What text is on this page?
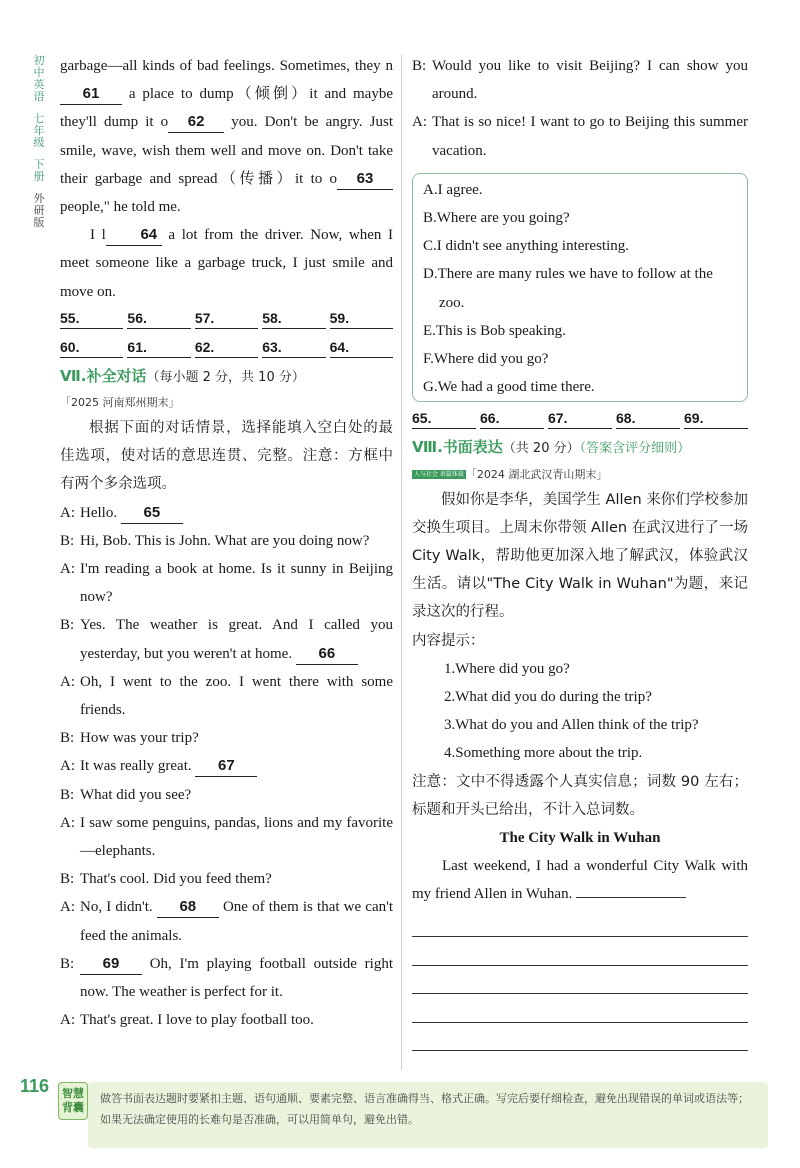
初中英语
七年级
下册
外研版

garbage—all kinds of bad feelings. Sometimes, they n61 a place to dump（倾倒）it and maybe they'll dump it o 62 you. Don't be angry. Just smile, wave, wish them well and move on. Don't take their garbage and spread（传播）it to o 63 people," he told me.

I l 64 a lot from the driver. Now, when I meet someone like a garbage truck, I just smile and move on.

55.	56.	57.	58.	59.
60.	61.	62.	63.	64.
Ⅶ.补全对话（每小题 2 分，共 10 分）
「2025 河南郑州期末」

根据下面的对话情景，选择能填入空白处的最佳选项，使对话的意思连贯、完整。注意：方框中有两个多余选项。

A: Hello. 65
B: Hi, Bob. This is John. What are you doing now?
A: I'm reading a book at home. Is it sunny in Beijing now?
B: Yes. The weather is great. And I called you yesterday, but you weren't at home. 66
A: Oh, I went to the zoo. I went there with some friends.
B: How was your trip?
A: It was really great. 67
B: What did you see?
A: I saw some penguins, pandas, lions and my favorite—elephants.
B: That's cool. Did you feed them?
A: No, I didn't. 68 One of them is that we can't feed the animals.
B:	69 Oh, I'm playing football outside right now. The weather is perfect for it.
A: That's great. I love to play football too.
B: Would you like to visit Beijing? I can show you around.
A: That is so nice! I want to go to Beijing this summer vacation.
A.I agree.
B.Where are you going?
C.I didn't see anything interesting.
D.There are many rules we have to follow at the zoo.
E.This is Bob speaking.
F.Where did you go?
G.We had a good time there.
65.	66.	67.	68.	69.
Ⅷ.书面表达（共 20 分）（答案含评分细则）
人与社会 语篇体裁 「2024 湖北武汉青山期末」

假如你是李华，美国学生 Allen 来你们学校参加交换生项目。上周末你带领 Allen 在武汉进行了一场 City Walk，帮助他更加深入地了解武汉，体验武汉生活。请以"The City Walk in Wuhan"为题，来记录这次的行程。

内容提示：

1.Where did you go?
2.What did you do during the trip?
3.What do you and Allen think of the trip?
4.Something more about the trip.

注意：文中不得透露个人真实信息；词数 90 左右；标题和开头已给出，不计入总词数。

The City Walk in Wuhan

Last weekend, I had a wonderful City Walk with my friend Allen in Wuhan.

116	智慧背囊
做答书面表达题时要紧扣主题、语句通顺、要素完整、语言准确得当、格式正确。写完后要仔细检查，避免出现错误的单词或语法等；如果无法确定使用的长难句是否准确，可以用简单句，避免出错。
